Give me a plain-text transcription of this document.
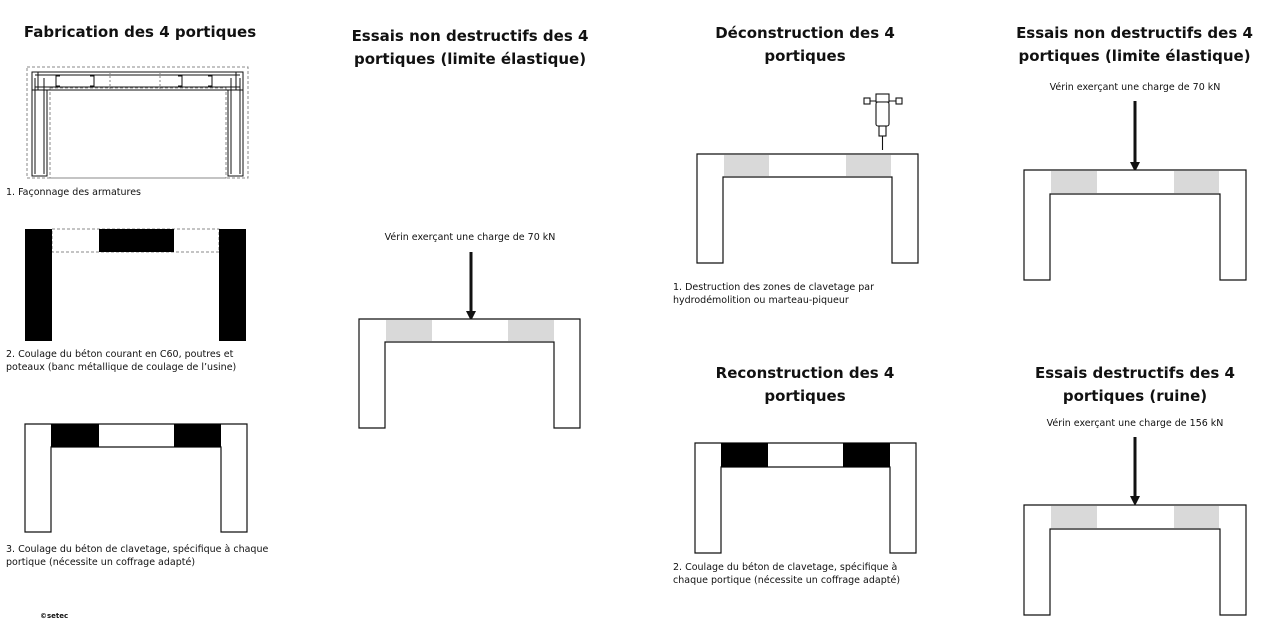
Fabrication des 4 portiques	Essais non destructifs des 4 portiques (limite élastique)
Déconstruction des 4 portiques
Essais non destructifs des 4 portiques (limite élastique)
Reconstruction des 4 portiques
Essais destructifs des 4 portiques (ruine)
1. Façonnage des armatures
2. Coulage du béton courant en C60, poutres et poteaux (banc métallique de coulage de l’usine)
3. Coulage du béton de clavetage, spécifique à chaque portique (nécessite un coffrage adapté)
1. Destruction des zones de clavetage par hydrodémolition ou marteau-piqueur
2. Coulage du béton de clavetage, spécifique à chaque portique (nécessite un coffrage adapté)
Vérin exerçant une charge de 70 kN
Vérin exerçant une charge de 70 kN
Vérin exerçant une charge de 156 kN
©setec
